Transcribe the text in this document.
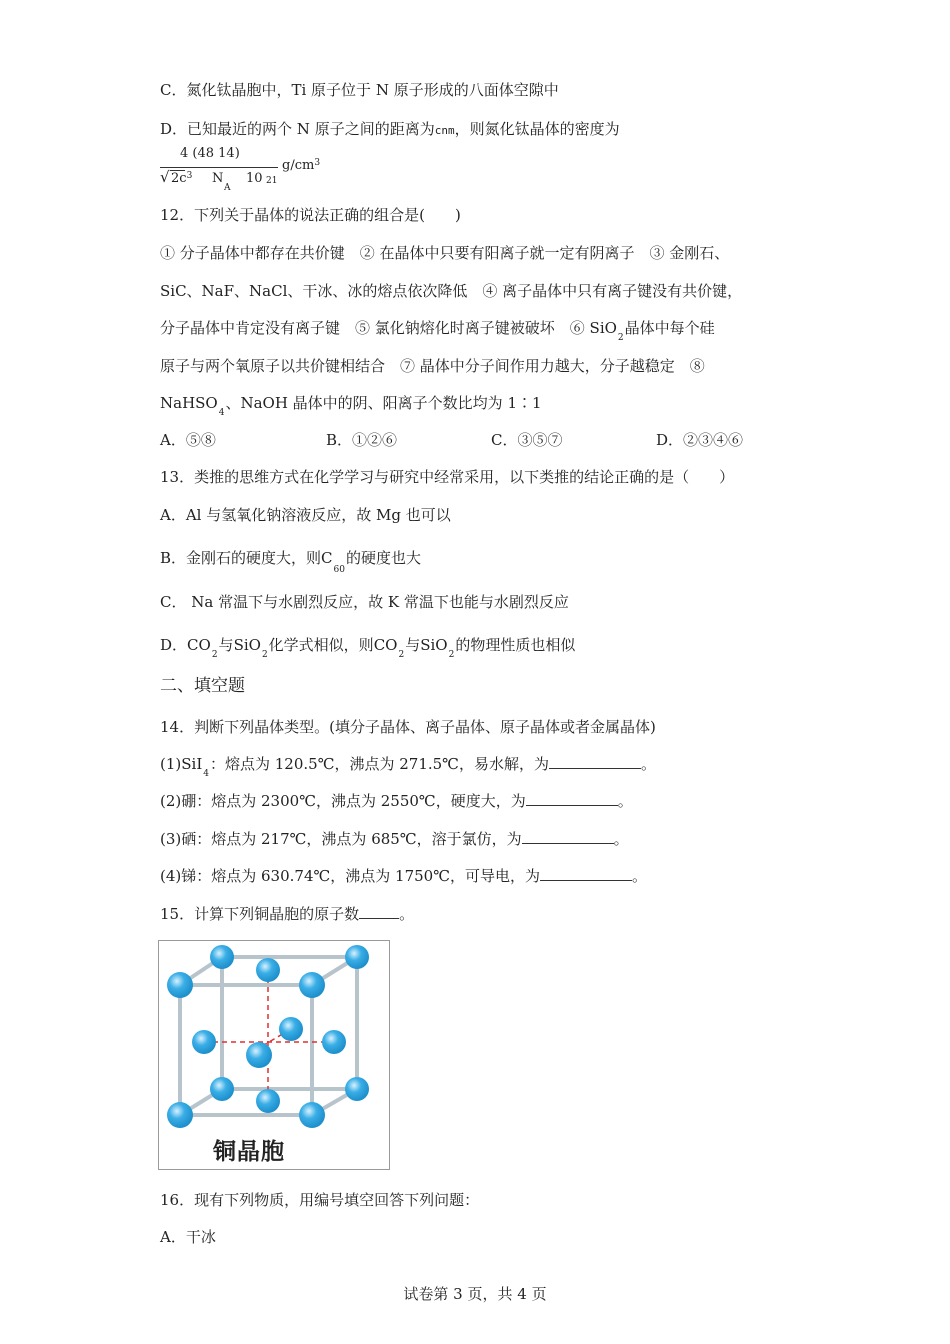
C．氮化钛晶胞中，Ti 原子位于 N 原子形成的八面体空隙中
D．已知最近的两个 N 原子之间的距离为cnm，则氮化钛晶体的密度为
4 (48 14)
√ $2c^3$ N
A
10 21
$g/cm^3$
12．下列关于晶体的说法正确的组合是(　　)
① 分子晶体中都存在共价键　② 在晶体中只要有阳离子就一定有阴离子　③ 金刚石、
SiC、NaF、NaCl、干冰、冰的熔点依次降低　④ 离子晶体中只有离子键没有共价键，
分子晶体中肯定没有离子键　⑤ 氯化钠熔化时离子键被破坏　⑥ SiO$_2$晶体中每个硅
原子与两个氧原子以共价键相结合　⑦ 晶体中分子间作用力越大，分子越稳定　⑧
NaHSO$_4$、NaOH 晶体中的阴、阳离子个数比均为 1∶1
A．⑤⑧	B．①②⑥	C．③⑤⑦	D．②③④⑥
13．类推的思维方式在化学学习与研究中经常采用，以下类推的结论正确的是（　　）
A．Al 与氢氧化钠溶液反应，故 Mg 也可以
B．金刚石的硬度大，则$C_{60}$的硬度也大
C． Na 常温下与水剧烈反应，故 K 常温下也能与水剧烈反应
D．$CO_2$与SiO$_2$化学式相似，则$CO_2$与SiO$_2$的物理性质也相似
二、填空题
14．判断下列晶体类型。(填分子晶体、离子晶体、原子晶体或者金属晶体)
(1)SiI$_4$：熔点为 120.5℃，沸点为 271.5℃，易水解，为	。
(2)硼：熔点为 2300℃，沸点为 2550℃，硬度大，为	。
(3)硒：熔点为 217℃，沸点为 685℃，溶于氯仿，为	。
(4)锑：熔点为 630.74℃，沸点为 1750℃，可导电，为	。
15．计算下列铜晶胞的原子数	。
铜晶胞
16．现有下列物质，用编号填空回答下列问题：
A．干冰
试卷第 3 页，共 4 页
